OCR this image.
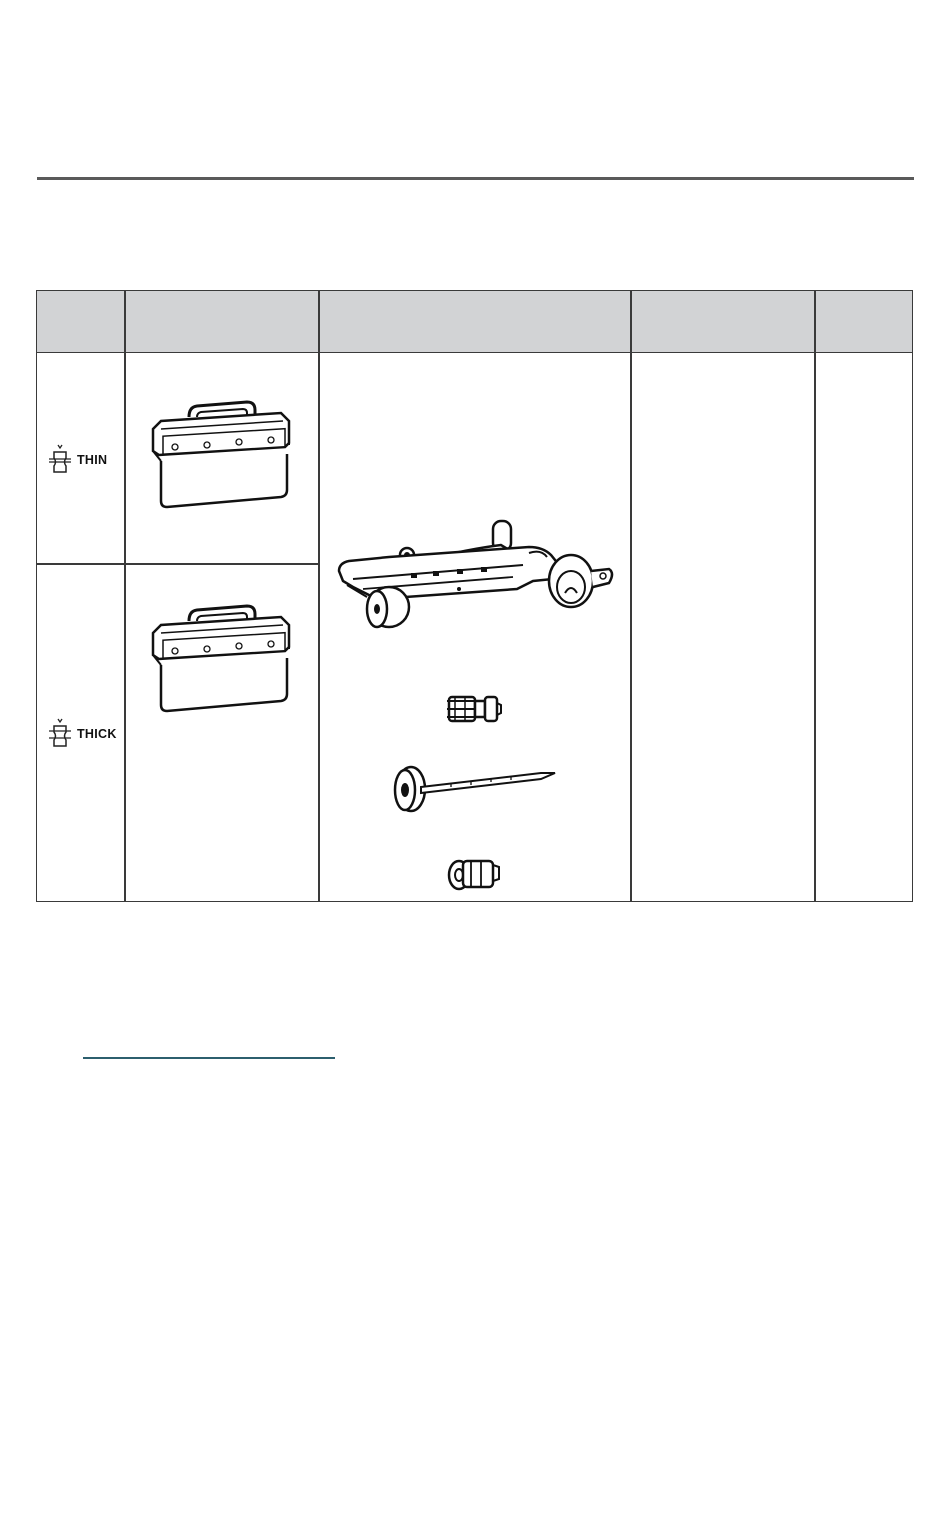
THIN
THICK
